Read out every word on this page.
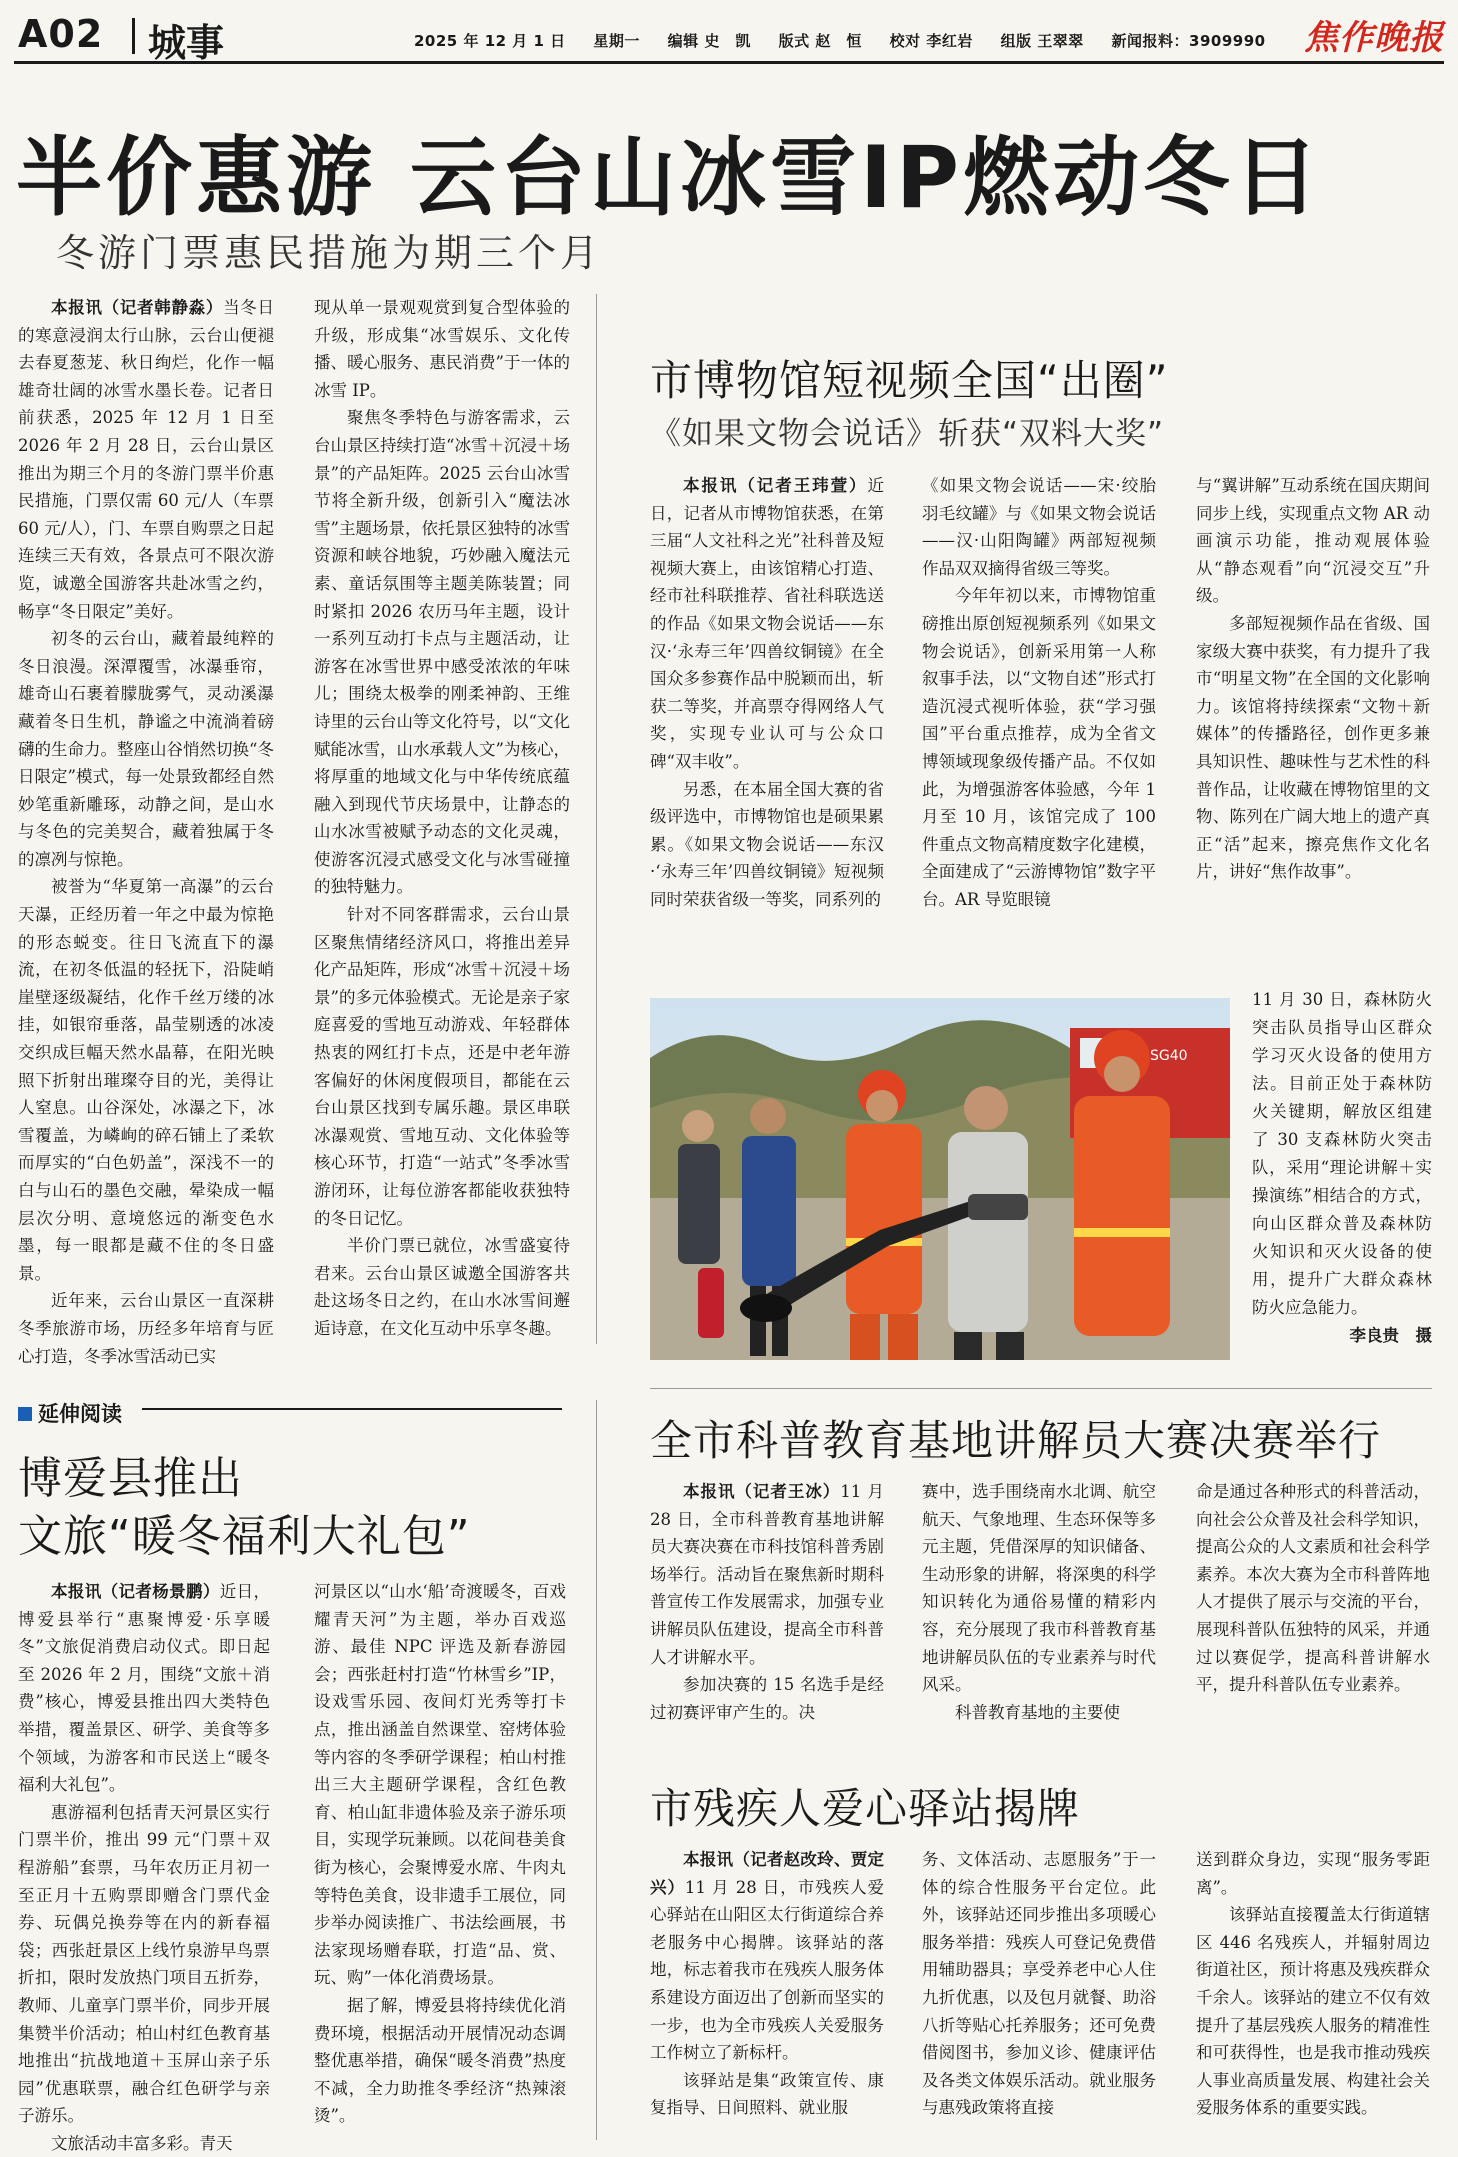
A02 城事	2025 年 12 月 1 日 星期一 编辑 史　凯 版式 赵　恒 校对 李红岩 组版 王翠翠 新闻报料：3909990	焦作晚报
半价惠游 云台山冰雪IP燃动冬日
冬游门票惠民措施为期三个月

本报讯（记者韩静淼）当冬日的寒意浸润太行山脉，云台山便褪去春夏葱茏、秋日绚烂，化作一幅雄奇壮阔的冰雪水墨长卷。记者日前获悉，2025 年 12 月 1 日至 2026 年 2 月 28 日，云台山景区推出为期三个月的冬游门票半价惠民措施，门票仅需 60 元/人（车票 60 元/人），门、车票自购票之日起连续三天有效，各景点可不限次游览，诚邀全国游客共赴冰雪之约，畅享“冬日限定”美好。

初冬的云台山，藏着最纯粹的冬日浪漫。深潭覆雪，冰瀑垂帘，雄奇山石裹着朦胧雾气，灵动溪瀑藏着冬日生机，静谧之中流淌着磅礴的生命力。整座山谷悄然切换“冬日限定”模式，每一处景致都经自然妙笔重新雕琢，动静之间，是山水与冬色的完美契合，藏着独属于冬的凛冽与惊艳。

被誉为“华夏第一高瀑”的云台天瀑，正经历着一年之中最为惊艳的形态蜕变。往日飞流直下的瀑流，在初冬低温的轻抚下，沿陡峭崖壁逐级凝结，化作千丝万缕的冰挂，如银帘垂落，晶莹剔透的冰凌交织成巨幅天然水晶幕，在阳光映照下折射出璀璨夺目的光，美得让人窒息。山谷深处，冰瀑之下，冰雪覆盖，为嶙峋的碎石铺上了柔软而厚实的“白色奶盖”，深浅不一的白与山石的墨色交融，晕染成一幅层次分明、意境悠远的渐变色水墨，每一眼都是藏不住的冬日盛景。

近年来，云台山景区一直深耕冬季旅游市场，历经多年培育与匠心打造，冬季冰雪活动已实

现从单一景观观赏到复合型体验的升级，形成集“冰雪娱乐、文化传播、暖心服务、惠民消费”于一体的冰雪 IP。

聚焦冬季特色与游客需求，云台山景区持续打造“冰雪＋沉浸＋场景”的产品矩阵。2025 云台山冰雪节将全新升级，创新引入“魔法冰雪”主题场景，依托景区独特的冰雪资源和峡谷地貌，巧妙融入魔法元素、童话氛围等主题美陈装置；同时紧扣 2026 农历马年主题，设计一系列互动打卡点与主题活动，让游客在冰雪世界中感受浓浓的年味儿；围绕太极拳的刚柔神韵、王维诗里的云台山等文化符号，以“文化赋能冰雪，山水承载人文”为核心，将厚重的地域文化与中华传统底蕴融入到现代节庆场景中，让静态的山水冰雪被赋予动态的文化灵魂，使游客沉浸式感受文化与冰雪碰撞的独特魅力。

针对不同客群需求，云台山景区聚焦情绪经济风口，将推出差异化产品矩阵，形成“冰雪＋沉浸＋场景”的多元体验模式。无论是亲子家庭喜爱的雪地互动游戏、年轻群体热衷的网红打卡点，还是中老年游客偏好的休闲度假项目，都能在云台山景区找到专属乐趣。景区串联冰瀑观赏、雪地互动、文化体验等核心环节，打造“一站式”冬季冰雪游闭环，让每位游客都能收获独特的冬日记忆。

半价门票已就位，冰雪盛宴待君来。云台山景区诚邀全国游客共赴这场冬日之约，在山水冰雪间邂逅诗意，在文化互动中乐享冬趣。

市博物馆短视频全国“出圈”
《如果文物会说话》斩获“双料大奖”

本报讯（记者王玮萱）近日，记者从市博物馆获悉，在第三届“人文社科之光”社科普及短视频大赛上，由该馆精心打造、经市社科联推荐、省社科联选送的作品《如果文物会说话——东汉·‘永寿三年’四兽纹铜镜》在全国众多参赛作品中脱颖而出，斩获二等奖，并高票夺得网络人气奖，实现专业认可与公众口碑“双丰收”。

另悉，在本届全国大赛的省级评选中，市博物馆也是硕果累累。《如果文物会说话——东汉·‘永寿三年’四兽纹铜镜》短视频同时荣获省级一等奖，同系列的

《如果文物会说话——宋·绞胎羽毛纹罐》与《如果文物会说话——汉·山阳陶罐》两部短视频作品双双摘得省级三等奖。

今年年初以来，市博物馆重磅推出原创短视频系列《如果文物会说话》，创新采用第一人称叙事手法，以“文物自述”形式打造沉浸式视听体验，获“学习强国”平台重点推荐，成为全省文博领域现象级传播产品。不仅如此，为增强游客体验感，今年 1 月至 10 月，该馆完成了 100 件重点文物高精度数字化建模，全面建成了“云游博物馆”数字平台。AR 导览眼镜

与“翼讲解”互动系统在国庆期间同步上线，实现重点文物 AR 动画演示功能，推动观展体验从“静态观看”向“沉浸交互”升级。

多部短视频作品在省级、国家级大赛中获奖，有力提升了我市“明星文物”在全国的文化影响力。该馆将持续探索“文物＋新媒体”的传播路径，创作更多兼具知识性、趣味性与艺术性的科普作品，让收藏在博物馆里的文物、陈列在广阔大地上的遗产真正“活”起来，擦亮焦作文化名片，讲好“焦作故事”。

SG40
11 月 30 日，森林防火突击队员指导山区群众学习灭火设备的使用方法。目前正处于森林防火关键期，解放区组建了 30 支森林防火突击队，采用“理论讲解＋实操演练”相结合的方式，向山区群众普及森林防火知识和灭火设备的使用，提升广大群众森林防火应急能力。

李良贵　摄
延伸阅读
博爱县推出
文旅“暖冬福利大礼包”

本报讯（记者杨景鹏）近日，博爱县举行“惠聚博爱·乐享暖冬”文旅促消费启动仪式。即日起至 2026 年 2 月，围绕“文旅＋消费”核心，博爱县推出四大类特色举措，覆盖景区、研学、美食等多个领域，为游客和市民送上“暖冬福利大礼包”。

惠游福利包括青天河景区实行门票半价，推出 99 元“门票＋双程游船”套票，马年农历正月初一至正月十五购票即赠含门票代金券、玩偶兑换券等在内的新春福袋；西张赶景区上线竹泉游早鸟票折扣，限时发放热门项目五折券，教师、儿童享门票半价，同步开展集赞半价活动；柏山村红色教育基地推出“抗战地道＋玉屏山亲子乐园”优惠联票，融合红色研学与亲子游乐。

文旅活动丰富多彩。青天

河景区以“山水‘船’奇渡暖冬，百戏耀青天河”为主题，举办百戏巡游、最佳 NPC 评选及新春游园会；西张赶村打造“竹林雪乡”IP，设戏雪乐园、夜间灯光秀等打卡点，推出涵盖自然课堂、窑烤体验等内容的冬季研学课程；柏山村推出三大主题研学课程，含红色教育、柏山缸非遗体验及亲子游乐项目，实现学玩兼顾。以花间巷美食街为核心，会聚博爱水席、牛肉丸等特色美食，设非遗手工展位，同步举办阅读推广、书法绘画展，书法家现场赠春联，打造“品、赏、玩、购”一体化消费场景。

据了解，博爱县将持续优化消费环境，根据活动开展情况动态调整优惠举措，确保“暖冬消费”热度不减，全力助推冬季经济“热辣滚烫”。

全市科普教育基地讲解员大赛决赛举行

本报讯（记者王冰）11 月 28 日，全市科普教育基地讲解员大赛决赛在市科技馆科普秀剧场举行。活动旨在聚焦新时期科普宣传工作发展需求，加强专业讲解员队伍建设，提高全市科普人才讲解水平。

参加决赛的 15 名选手是经过初赛评审产生的。决

赛中，选手围绕南水北调、航空航天、气象地理、生态环保等多元主题，凭借深厚的知识储备、生动形象的讲解，将深奥的科学知识转化为通俗易懂的精彩内容，充分展现了我市科普教育基地讲解员队伍的专业素养与时代风采。

科普教育基地的主要使

命是通过各种形式的科普活动，向社会公众普及社会科学知识，提高公众的人文素质和社会科学素养。本次大赛为全市科普阵地人才提供了展示与交流的平台，展现科普队伍独特的风采，并通过以赛促学，提高科普讲解水平，提升科普队伍专业素养。

市残疾人爱心驿站揭牌

本报讯（记者赵改玲、贾定兴）11 月 28 日，市残疾人爱心驿站在山阳区太行街道综合养老服务中心揭牌。该驿站的落地，标志着我市在残疾人服务体系建设方面迈出了创新而坚实的一步，也为全市残疾人关爱服务工作树立了新标杆。

该驿站是集“政策宣传、康复指导、日间照料、就业服

务、文体活动、志愿服务”于一体的综合性服务平台定位。此外，该驿站还同步推出多项暖心服务举措：残疾人可登记免费借用辅助器具；享受养老中心人住九折优惠，以及包月就餐、助浴八折等贴心托养服务；还可免费借阅图书，参加义诊、健康评估及各类文体娱乐活动。就业服务与惠残政策将直接

送到群众身边，实现“服务零距离”。

该驿站直接覆盖太行街道辖区 446 名残疾人，并辐射周边街道社区，预计将惠及残疾群众千余人。该驿站的建立不仅有效提升了基层残疾人服务的精准性和可获得性，也是我市推动残疾人事业高质量发展、构建社会关爱服务体系的重要实践。
